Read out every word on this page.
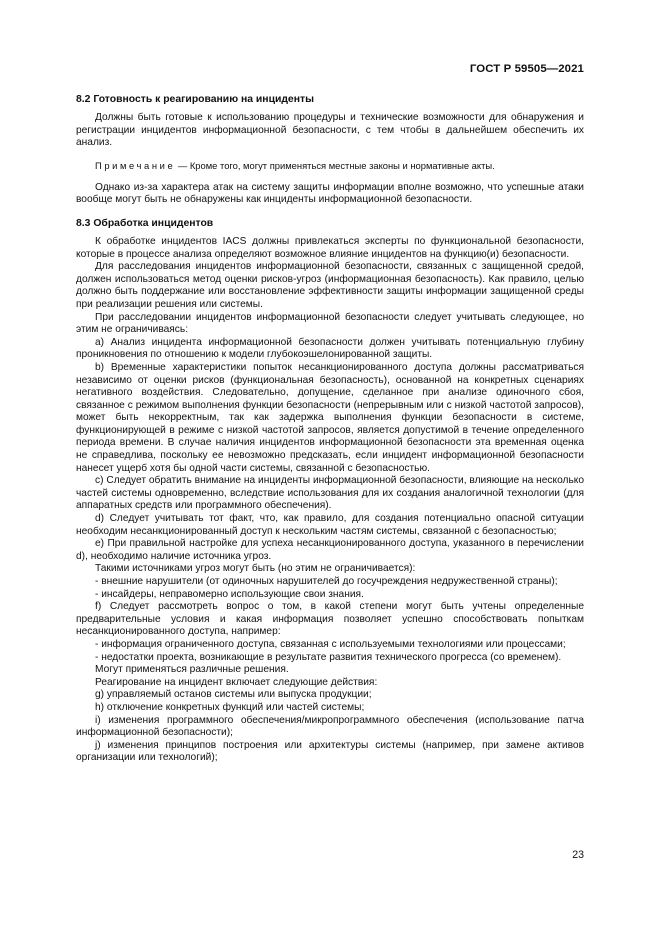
ГОСТ Р 59505—2021
8.2 Готовность к реагированию на инциденты

Должны быть готовые к использованию процедуры и технические возможности для обнаружения и регистрации инцидентов информационной безопасности, с тем чтобы в дальнейшем обеспечить их анализ.

Примечание — Кроме того, могут применяться местные законы и нормативные акты.

Однако из-за характера атак на систему защиты информации вполне возможно, что успешные атаки вообще могут быть не обнаружены как инциденты информационной безопасности.

8.3 Обработка инцидентов

К обработке инцидентов IACS должны привлекаться эксперты по функциональной безопасности, которые в процессе анализа определяют возможное влияние инцидентов на функцию(и) безопасности.

Для расследования инцидентов информационной безопасности, связанных с защищенной средой, должен использоваться метод оценки рисков-угроз (информационная безопасность). Как правило, целью должно быть поддержание или восстановление эффективности защиты информации защищенной среды при реализации решения или системы.

При расследовании инцидентов информационной безопасности следует учитывать следующее, но этим не ограничиваясь:

a) Анализ инцидента информационной безопасности должен учитывать потенциальную глубину проникновения по отношению к модели глубокоэшелонированной защиты.

b) Временные характеристики попыток несанкционированного доступа должны рассматриваться независимо от оценки рисков (функциональная безопасность), основанной на конкретных сценариях негативного воздействия. Следовательно, допущение, сделанное при анализе одиночного сбоя, связанное с режимом выполнения функции безопасности (непрерывным или с низкой частотой запросов), может быть некорректным, так как задержка выполнения функции безопасности в системе, функционирующей в режиме с низкой частотой запросов, является допустимой в течение определенного периода времени. В случае наличия инцидентов информационной безопасности эта временная оценка не справедлива, поскольку ее невозможно предсказать, если инцидент информационной безопасности нанесет ущерб хотя бы одной части системы, связанной с безопасностью.

c) Следует обратить внимание на инциденты информационной безопасности, влияющие на несколько частей системы одновременно, вследствие использования для их создания аналогичной технологии (для аппаратных средств или программного обеспечения).

d) Следует учитывать тот факт, что, как правило, для создания потенциально опасной ситуации необходим несанкционированный доступ к нескольким частям системы, связанной с безопасностью;

e) При правильной настройке для успеха несанкционированного доступа, указанного в перечислении d), необходимо наличие источника угроз.

Такими источниками угроз могут быть (но этим не ограничивается):

- внешние нарушители (от одиночных нарушителей до госучреждения недружественной страны);

- инсайдеры, неправомерно использующие свои знания.

f) Следует рассмотреть вопрос о том, в какой степени могут быть учтены определенные предварительные условия и какая информация позволяет успешно способствовать попыткам несанкционированного доступа, например:

- информация ограниченного доступа, связанная с используемыми технологиями или процессами;

- недостатки проекта, возникающие в результате развития технического прогресса (со временем).

Могут применяться различные решения.

Реагирование на инцидент включает следующие действия:

g) управляемый останов системы или выпуска продукции;

h) отключение конкретных функций или частей системы;

i) изменения программного обеспечения/микропрограммного обеспечения (использование патча информационной безопасности);

j) изменения принципов построения или архитектуры системы (например, при замене активов организации или технологий);

23
